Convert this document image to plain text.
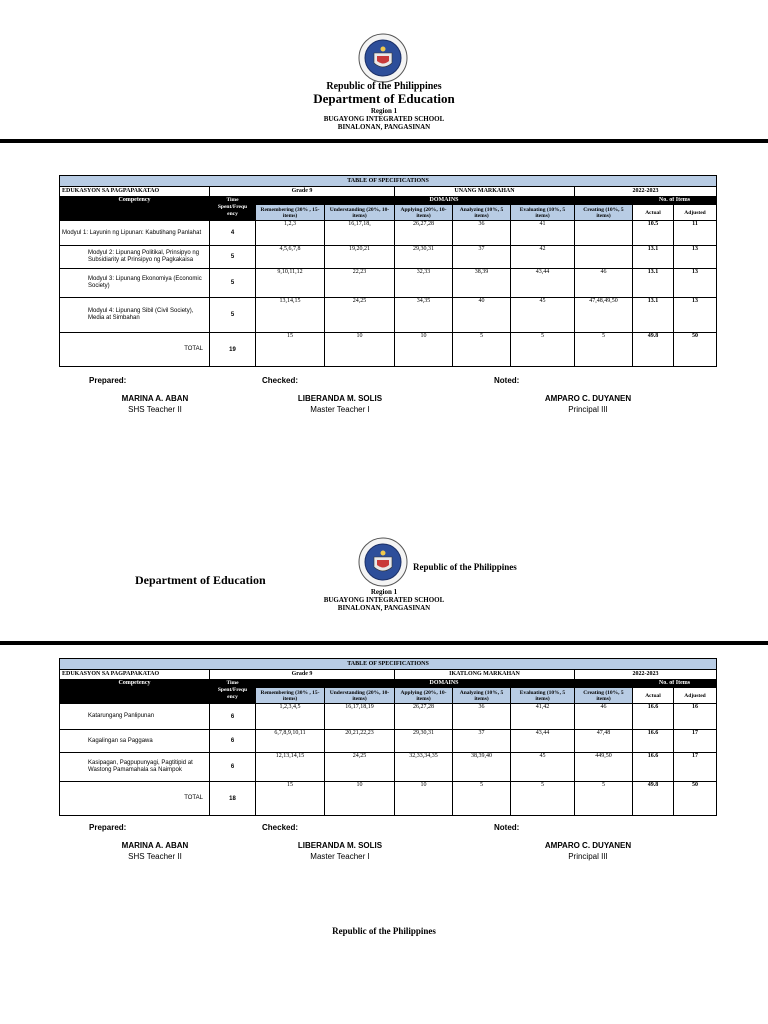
Republic of the Philippines
Department of Education
Region 1
BUGAYONG INTEGRATED SCHOOL
BINALONAN, PANGASINAN
TABLE OF SPECIFICATIONS									
EDUKASYON SA PAGPAPAKATAO	Grade 9			UNANG MARKAHAN			2022-2023		
Competency	Time Spent/Frequ ency	DOMAINS						No. of Items	
		Remembering (30% , 15-items)	Understanding (20%, 10-items)	Applying (20%, 10-items)	Analyzing (10%, 5 items)	Evaluating (10%, 5 items)	Creating (10%, 5 items)	Actual	Adjusted
Modyul 1: Layunin ng Lipunan: Kabutihang Panlahat	4	1,2,3	16,17,18,	26,27,28	36	41		10.5	11
Modyul 2: Lipunang Politikal, Prinsipyo ng Subsidiarity at Prinsipyo ng Pagkakaisa	5	4,5,6,7,8	19,20,21	29,30,31	37	42		13.1	13
Modyul 3: Lipunang Ekonomiya (Economic Society)	5	9,10,11,12	22,23	32,33	38,39	43,44	46	13.1	13
Modyul 4: Lipunang Sibil (Civil Society), Media at Simbahan	5	13,14,15	24,25	34,35	40	45	47,48,49,50	13.1	13
TOTAL	19	15	10	10	5	5	5	49.8	50
Prepared:	Checked:	Noted:
MARINA A. ABAN
SHS Teacher II
LIBERANDA M. SOLIS
Master Teacher I
AMPARO C. DUYANEN
Principal III
Republic of the Philippines
Department of Education
Region 1
BUGAYONG INTEGRATED SCHOOL
BINALONAN, PANGASINAN
TABLE OF SPECIFICATIONS									
EDUKASYON SA PAGPAPAKATAO	Grade 9			IKATLONG MARKAHAN			2022-2023		
Competency	Time Spent/Frequ ency	DOMAINS						No. of Items	
		Remembering (30% , 15-items)	Understanding (20%, 10-items)	Applying (20%, 10-items)	Analyzing (10%, 5 items)	Evaluating (10%, 5 items)	Creating (10%, 5 items)	Actual	Adjusted
Katarungang Panlipunan	6	1,2,3,4,5	16,17,18,19	26,27,28	36	41,42	46	16.6	16
Kagalingan sa Paggawa	6	6,7,8,9,10,11	20,21,22,23	29,30,31	37	43,44	47,48	16.6	17
Kasipagan, Pagpupunyagi, Pagtitipid at Wastong Pamamahala sa Naimpok	6	12,13,14,15	24,25	32,33,34,35	38,39,40	45	449,50	16.6	17
TOTAL	18	15	10	10	5	5	5	49.8	50
Prepared:	Checked:	Noted:
MARINA A. ABAN
SHS Teacher II
LIBERANDA M. SOLIS
Master Teacher I
AMPARO C. DUYANEN
Principal III
Republic of the Philippines
